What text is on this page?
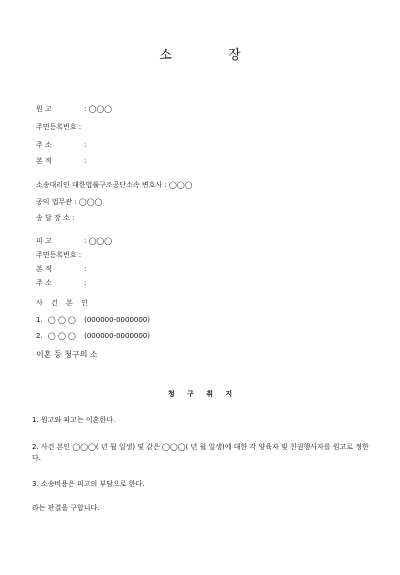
소 장
원 고	: ◯◯◯
주민등록번호 :
주 소	:
본 적	:
소송대리인 대한법률구조공단소속 변호사 : ◯◯◯
공익 법무관 : ◯◯◯
송 달 장 소 :
피 고	: ◯◯◯
주민등록번호 :
본 적	:
주 소	:
사 건 본 인
1. ◯ ◯ ◯ (000000-0000000)
2. ◯ ◯ ◯ (000000-0000000)
이혼 등 청구의 소
청 구 취 지
1. 원고와 피고는 이혼한다.
2. 사건 본인 ◯◯◯( 년 월 일생) 및 같은 ◯◯◯( 년 월 일생)에 대한 각 양육자 및 친권행사자를 원고로 정한다.
3. 소송비용은 피고의 부담으로 한다.
라는 판결을 구합니다.
